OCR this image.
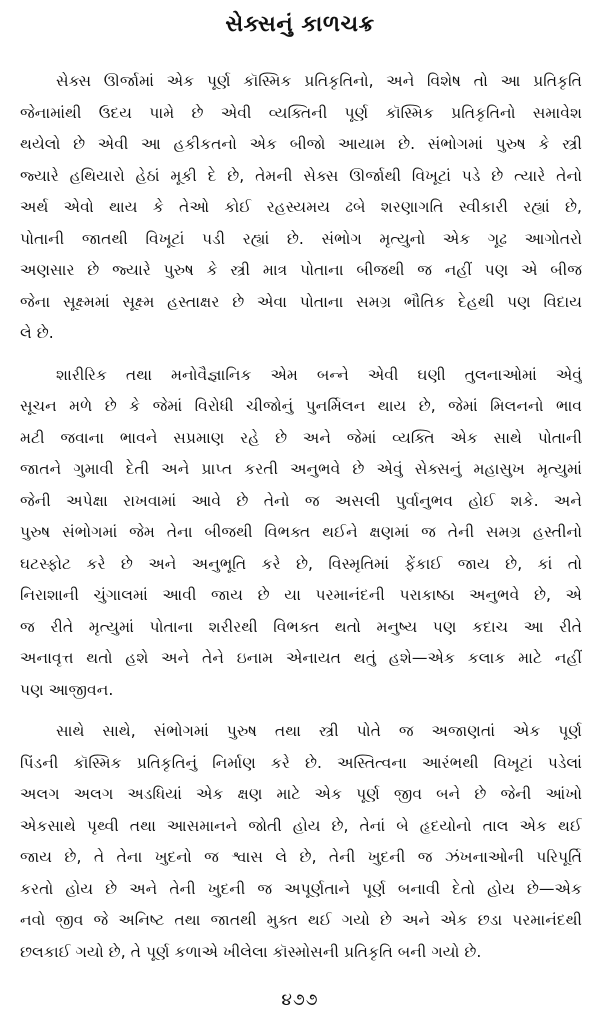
સેક્સનું કાળચક્ર
સેક્સ ઊર્જામાં એક પૂર્ણ કૉસ્મિક પ્રતિકૃતિનો, અને વિશેષ તો આ પ્રતિકૃતિ
જેનામાંથી ઉદય પામે છે એવી વ્યક્તિની પૂર્ણ કૉસ્મિક પ્રતિકૃતિનો સમાવેશ
થયેલો છે એવી આ હકીકતનો એક બીજો આયામ છે. સંભોગમાં પુરુષ કે સ્ત્રી
જ્યારે હથિયારો હેઠાં મૂકી દે છે, તેમની સેક્સ ઊર્જાથી વિખૂટાં પડે છે ત્યારે તેનો
અર્થ એવો થાય કે તેઓ કોઈ રહસ્યમય ઢબે શરણાગતિ સ્વીકારી રહ્યાં છે,
પોતાની જાતથી વિખૂટાં પડી રહ્યાં છે. સંભોગ મૃત્યુનો એક ગૂઢ આગોતરો
અણસાર છે જ્યારે પુરુષ કે સ્ત્રી માત્ર પોતાના બીજથી જ નહીં પણ એ બીજ
જેના સૂક્ષ્મમાં સૂક્ષ્મ હસ્તાક્ષર છે એવા પોતાના સમગ્ર ભૌતિક દેહથી પણ વિદાય
લે છે.
શારીરિક તથા મનોવૈજ્ઞાનિક એમ બન્ને એવી ઘણી તુલનાઓમાં એવું
સૂચન મળે છે કે જેમાં વિરોધી ચીજોનું પુનર્મિલન થાય છે, જેમાં મિલનનો ભાવ
મટી જવાના ભાવને સપ્રમાણ રહે છે અને જેમાં વ્યક્તિ એક સાથે પોતાની
જાતને ગુમાવી દેતી અને પ્રાપ્ત કરતી અનુભવે છે એવું સેક્સનું મહાસુખ મૃત્યુમાં
જેની અપેક્ષા રાખવામાં આવે છે તેનો જ અસલી પુર્વાનુભવ હોઈ શકે. અને
પુરુષ સંભોગમાં જેમ તેના બીજથી વિભક્ત થઈને ક્ષણમાં જ તેની સમગ્ર હસ્તીનો
ઘટસ્ફોટ કરે છે અને અનુભૂતિ કરે છે, વિસ્મૃતિમાં ફેંકાઈ જાય છે, કાં તો
નિરાશાની ચુંગાલમાં આવી જાય છે યા પરમાનંદની પરાકાષ્ઠા અનુભવે છે, એ
જ રીતે મૃત્યુમાં પોતાના શરીરથી વિભક્ત થતો મનુષ્ય પણ કદાચ આ રીતે
અનાવૃત્ત થતો હશે અને તેને ઇનામ એનાયત થતું હશે—એક કલાક માટે નહીં
પણ આજીવન.
સાથે સાથે, સંભોગમાં પુરુષ તથા સ્ત્રી પોતે જ અજાણતાં એક પૂર્ણ
પિંડની કૉસ્મિક પ્રતિકૃતિનું નિર્માણ કરે છે. અસ્તિત્વના આરંભથી વિખૂટાં પડેલાં
અલગ અલગ અડધિયાં એક ક્ષણ માટે એક પૂર્ણ જીવ બને છે જેની આંખો
એકસાથે પૃથ્વી તથા આસમાનને જોતી હોય છે, તેનાં બે હૃદયોનો તાલ એક થઈ
જાય છે, તે તેના ખુદનો જ શ્વાસ લે છે, તેની ખુદની જ ઝંખનાઓની પરિપૂર્તિ
કરતો હોય છે અને તેની ખુદની જ અપૂર્ણતાને પૂર્ણ બનાવી દેતો હોય છે—એક
નવો જીવ જે અનિષ્ટ તથા જાતથી મુક્ત થઈ ગયો છે અને એક છડા પરમાનંદથી
છલકાઈ ગયો છે, તે પૂર્ણ કળાએ ખીલેલા કૉસ્મોસની પ્રતિકૃતિ બની ગયો છે.
૪૭૭
